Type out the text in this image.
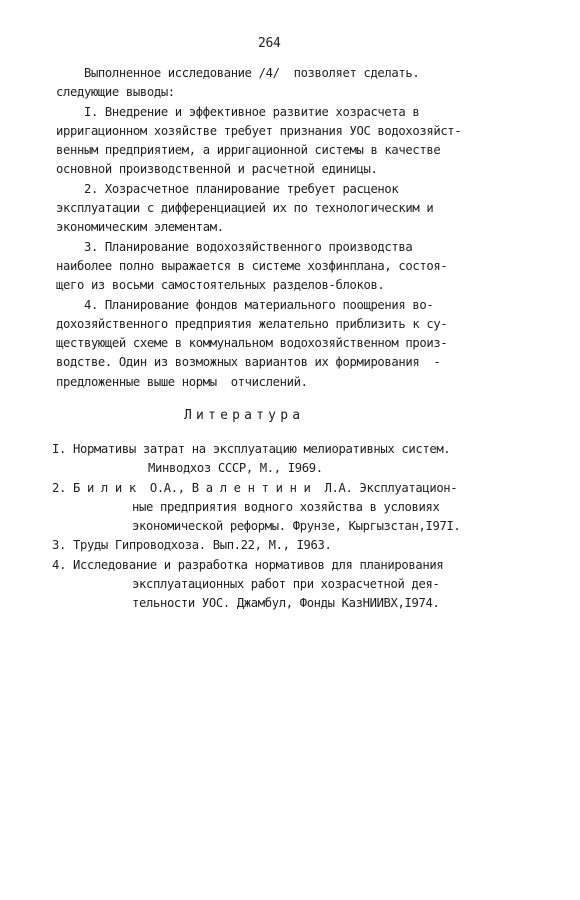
264
Выполненное исследование /4/  позволяет сделать.
следующие выводы:
I. Внедрение и эффективное развитие хозрасчета в
ирригационном хозяйстве требует признания УОС водохозяйст-
венным предприятием, а ирригационной системы в качестве
основной производственной и расчетной единицы.
2. Хозрасчетное планирование требует расценок
эксплуатации с дифференциацией их по технологическим и
экономическим элементам.
3. Планирование водохозяйственного производства
наиболее полно выражается в системе хозфинплана, состоя-
щего из восьми самостоятельных разделов-блоков.
4. Планирование фондов материального поощрения во-
дохозяйственного предприятия желательно приблизить к су-
ществующей схеме в коммунальном водохозяйственном произ-
водстве. Один из возможных вариантов их формирования  -
предложенные выше нормы  отчислений.
Литература
I. Нормативы затрат на эксплуатацию мелиоративных систем.
Минводхоз СССР, М., I969.
2. Б и л и к  О.А., В а л е н т и н и  Л.А. Эксплуатацион-
ные предприятия водного хозяйства в условиях
экономической реформы. Фрунзе, Кыргызстан,I97I.
3. Труды Гипроводхоза. Вып.22, М., I963.
4. Исследование и разработка нормативов для планирования
эксплуатационных работ при хозрасчетной дея-
тельности УОС. Джамбул, Фонды КазНИИВХ,I974.
